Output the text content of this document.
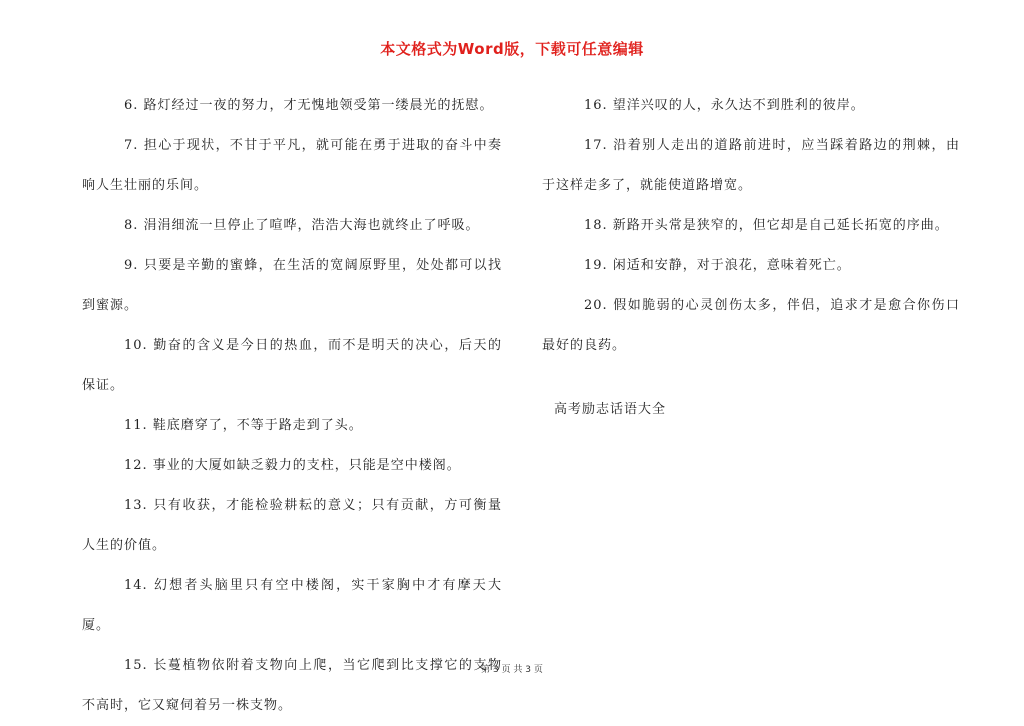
本文格式为Word版，下载可任意编辑

6. 路灯经过一夜的努力，才无愧地领受第一缕晨光的抚慰。

7. 担心于现状，不甘于平凡，就可能在勇于进取的奋斗中奏响人生壮丽的乐间。

8. 涓涓细流一旦停止了喧哗，浩浩大海也就终止了呼吸。

9. 只要是辛勤的蜜蜂，在生活的宽阔原野里，处处都可以找到蜜源。

10. 勤奋的含义是今日的热血，而不是明天的决心，后天的保证。

11. 鞋底磨穿了，不等于路走到了头。

12. 事业的大厦如缺乏毅力的支柱，只能是空中楼阁。

13. 只有收获，才能检验耕耘的意义；只有贡献，方可衡量人生的价值。

14. 幻想者头脑里只有空中楼阁，实干家胸中才有摩天大厦。

15. 长蔓植物依附着支物向上爬，当它爬到比支撑它的支物不高时，它又窥伺着另一株支物。

16. 望洋兴叹的人，永久达不到胜利的彼岸。

17. 沿着别人走出的道路前进时，应当踩着路边的荆棘，由于这样走多了，就能使道路增宽。

18. 新路开头常是狭窄的，但它却是自己延长拓宽的序曲。

19. 闲适和安静，对于浪花，意味着死亡。

20. 假如脆弱的心灵创伤太多，伴侣，追求才是愈合你伤口最好的良药。

高考励志话语大全

第 3 页 共 3 页
